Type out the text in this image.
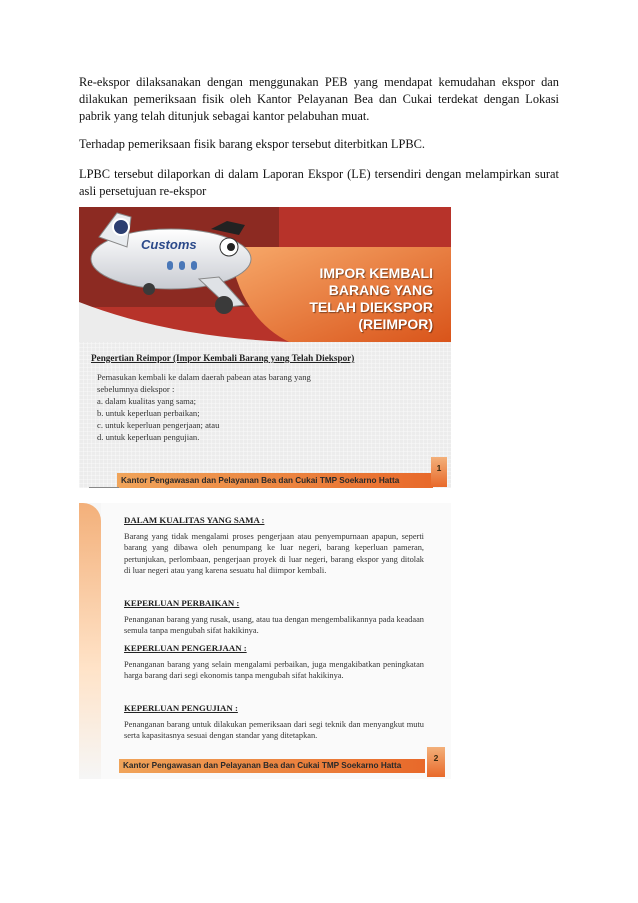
Re-ekspor dilaksanakan dengan menggunakan PEB yang mendapat kemudahan ekspor dan dilakukan pemeriksaan fisik oleh Kantor Pelayanan Bea dan Cukai terdekat dengan Lokasi pabrik yang telah ditunjuk sebagai kantor pelabuhan muat.

Terhadap pemeriksaan fisik barang ekspor tersebut diterbitkan LPBC.

LPBC tersebut dilaporkan di dalam Laporan Ekspor (LE) tersendiri dengan melampirkan surat asli persetujuan re-ekspor

Customs
IMPOR KEMBALI
BARANG YANG
TELAH DIEKSPOR
(REIMPOR)
Pengertian Reimpor (Impor Kembali Barang yang Telah Diekspor)
Pemasukan kembali ke dalam daerah pabean atas barang yang
sebelumnya diekspor :
a. dalam kualitas yang sama;
b. untuk keperluan perbaikan;
c. untuk keperluan pengerjaan; atau
d. untuk keperluan pengujian.
Kantor Pengawasan dan Pelayanan Bea dan Cukai TMP Soekarno Hatta
1
DALAM KUALITAS YANG SAMA :
Barang yang tidak mengalami proses pengerjaan atau penyempurnaan apapun, seperti barang yang dibawa oleh penumpang ke luar negeri, barang keperluan pameran, pertunjukan, perlombaan, pengerjaan proyek di luar negeri, barang ekspor yang ditolak di luar negeri atau yang karena sesuatu hal diimpor kembali.
KEPERLUAN PERBAIKAN :
Penanganan barang yang rusak, usang, atau tua dengan mengembalikannya pada keadaan semula tanpa mengubah sifat hakikinya.
KEPERLUAN PENGERJAAN :
Penanganan barang yang selain mengalami perbaikan, juga mengakibatkan peningkatan harga barang dari segi ekonomis tanpa mengubah sifat hakikinya.
KEPERLUAN PENGUJIAN :
Penanganan barang untuk dilakukan pemeriksaan dari segi teknik dan menyangkut mutu serta kapasitasnya sesuai dengan standar yang ditetapkan.
Kantor Pengawasan dan Pelayanan Bea dan Cukai TMP Soekarno Hatta
2
